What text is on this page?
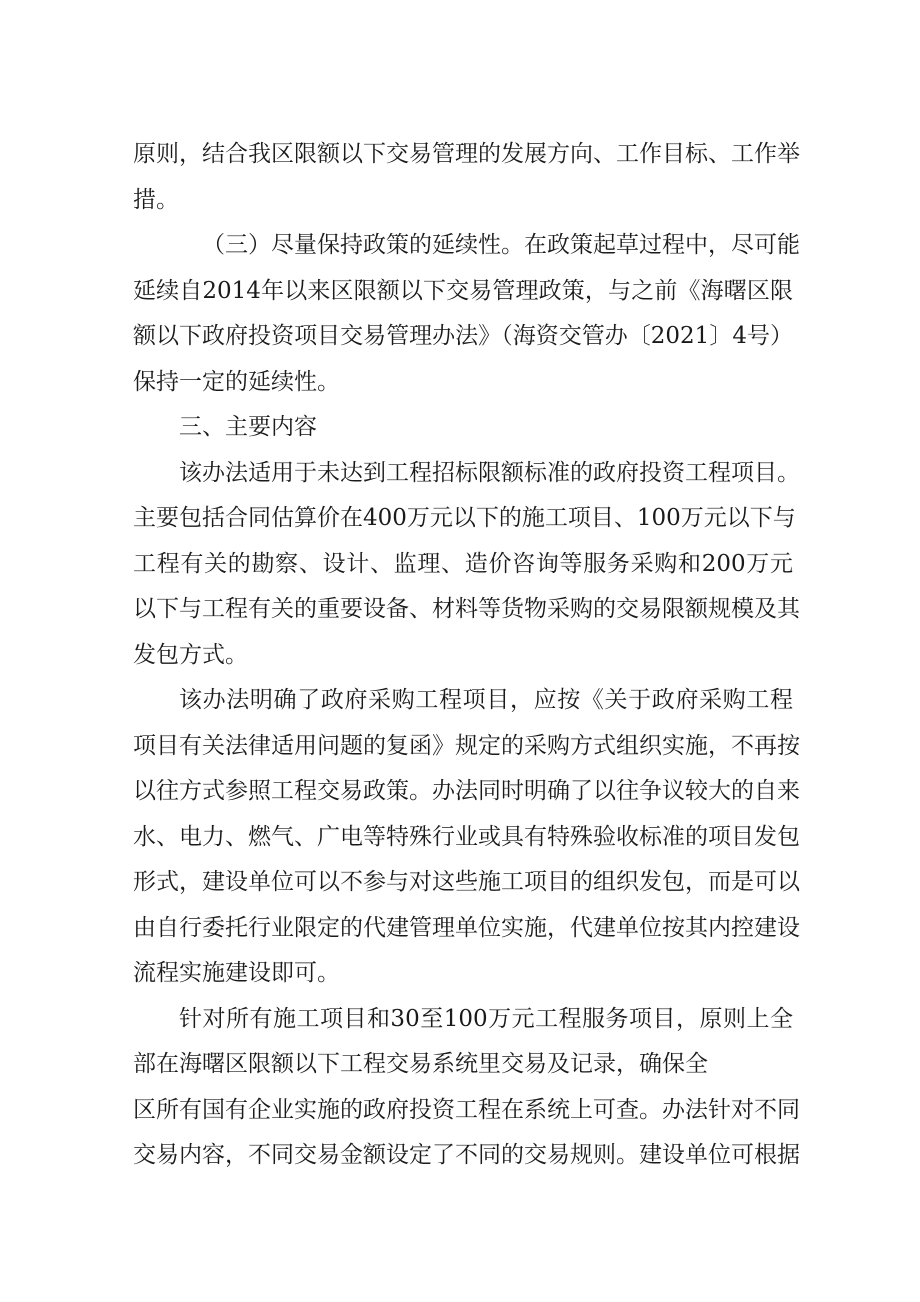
原则，结合我区限额以下交易管理的发展方向、工作目标、工作举
措。
（三）尽量保持政策的延续性。在政策起草过程中，尽可能
延续自2014年以来区限额以下交易管理政策，与之前《海曙区限
额以下政府投资项目交易管理办法》（海资交管办〔2021〕4号）
保持一定的延续性。
三、主要内容
该办法适用于未达到工程招标限额标准的政府投资工程项目。
主要包括合同估算价在400万元以下的施工项目、100万元以下与
工程有关的勘察、设计、监理、造价咨询等服务采购和200万元
以下与工程有关的重要设备、材料等货物采购的交易限额规模及其
发包方式。
该办法明确了政府采购工程项目，应按《关于政府采购工程
项目有关法律适用问题的复函》规定的采购方式组织实施，不再按
以往方式参照工程交易政策。办法同时明确了以往争议较大的自来
水、电力、燃气、广电等特殊行业或具有特殊验收标准的项目发包
形式，建设单位可以不参与对这些施工项目的组织发包，而是可以
由自行委托行业限定的代建管理单位实施，代建单位按其内控建设
流程实施建设即可。
针对所有施工项目和30至100万元工程服务项目，原则上全
部在海曙区限额以下工程交易系统里交易及记录，确保全
区所有国有企业实施的政府投资工程在系统上可查。办法针对不同
交易内容，不同交易金额设定了不同的交易规则。建设单位可根据
